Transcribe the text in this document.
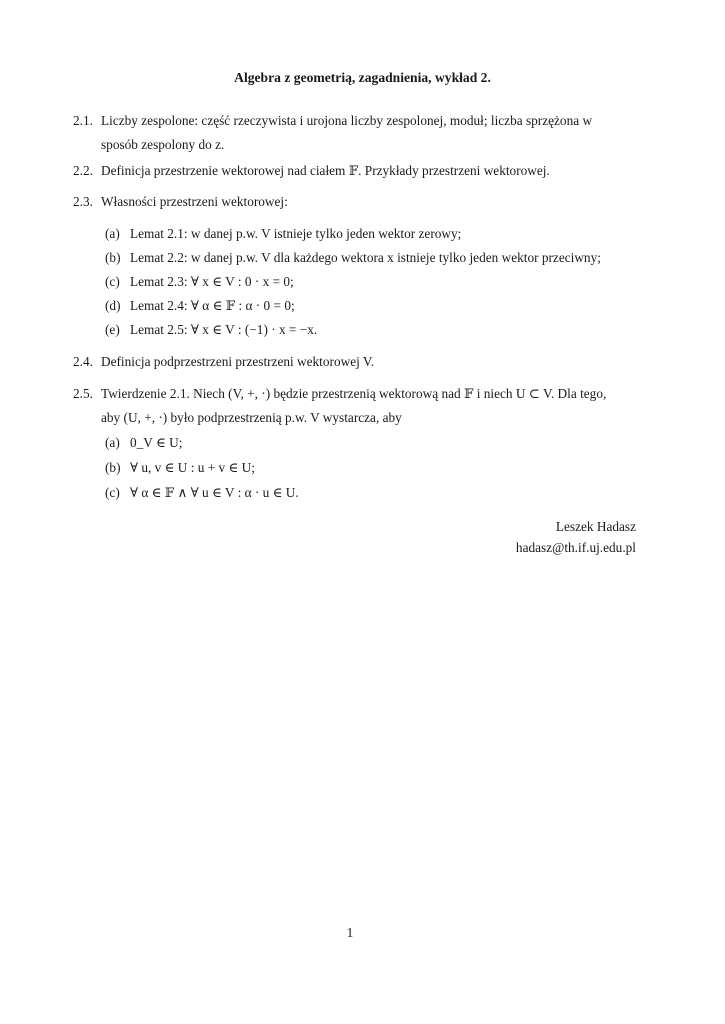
Algebra z geometrią, zagadnienia, wykład 2.
2.1. Liczby zespolone: część rzeczywista i urojona liczby zespolonej, moduł; liczba sprzężona w
sposób zespolony do z.
2.2. Definicja przestrzenie wektorowej nad ciałem 𝔽. Przykłady przestrzeni wektorowej.
2.3. Własności przestrzeni wektorowej:
(a) Lemat 2.1: w danej p.w. V istnieje tylko jeden wektor zerowy;
(b) Lemat 2.2: w danej p.w. V dla każdego wektora x istnieje tylko jeden wektor przeciwny;
(c) Lemat 2.3: ∀ x ∈ V : 0 · x = 0;
(d) Lemat 2.4: ∀ α ∈ 𝔽 : α · 0 = 0;
(e) Lemat 2.5: ∀ x ∈ V : (−1) · x = −x.
2.4. Definicja podprzestrzeni przestrzeni wektorowej V.
2.5. Twierdzenie 2.1. Niech (V, +, ·) będzie przestrzenią wektorową nad 𝔽 i niech U ⊂ V. Dla tego,
aby (U, +, ·) było podprzestrzenią p.w. V wystarcza, aby
(a) 0_V ∈ U;
(b) ∀ u, v ∈ U : u + v ∈ U;
(c) ∀ α ∈ 𝔽 ∧ ∀ u ∈ V : α · u ∈ U.
Leszek Hadasz
hadasz@th.if.uj.edu.pl
1
